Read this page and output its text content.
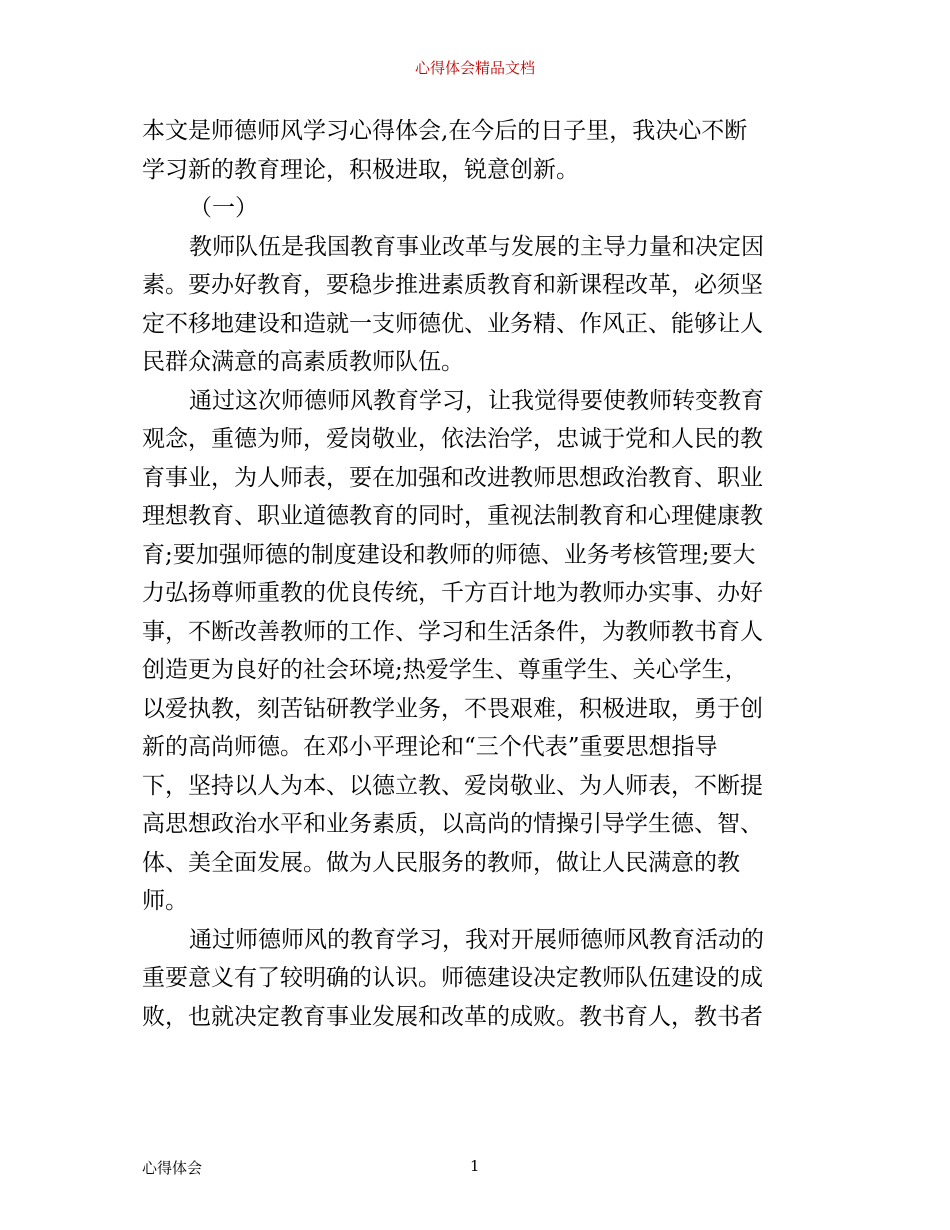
心得体会精品文档
本文是师德师风学习心得体会,在今后的日子里，我决心不断
学习新的教育理论，积极进取，锐意创新。
（一）
教师队伍是我国教育事业改革与发展的主导力量和决定因
素。要办好教育，要稳步推进素质教育和新课程改革，必须坚
定不移地建设和造就一支师德优、业务精、作风正、能够让人
民群众满意的高素质教师队伍。
通过这次师德师风教育学习，让我觉得要使教师转变教育
观念，重德为师，爱岗敬业，依法治学，忠诚于党和人民的教
育事业，为人师表，要在加强和改进教师思想政治教育、职业
理想教育、职业道德教育的同时，重视法制教育和心理健康教
育;要加强师德的制度建设和教师的师德、业务考核管理;要大
力弘扬尊师重教的优良传统，千方百计地为教师办实事、办好
事，不断改善教师的工作、学习和生活条件，为教师教书育人
创造更为良好的社会环境;热爱学生、尊重学生、关心学生，
以爱执教，刻苦钻研教学业务，不畏艰难，积极进取，勇于创
新的高尚师德。在邓小平理论和“三个代表”重要思想指导
下，坚持以人为本、以德立教、爱岗敬业、为人师表，不断提
高思想政治水平和业务素质，以高尚的情操引导学生德、智、
体、美全面发展。做为人民服务的教师，做让人民满意的教
师。
通过师德师风的教育学习，我对开展师德师风教育活动的
重要意义有了较明确的认识。师德建设决定教师队伍建设的成
败，也就决定教育事业发展和改革的成败。教书育人，教书者
心得体会	1
